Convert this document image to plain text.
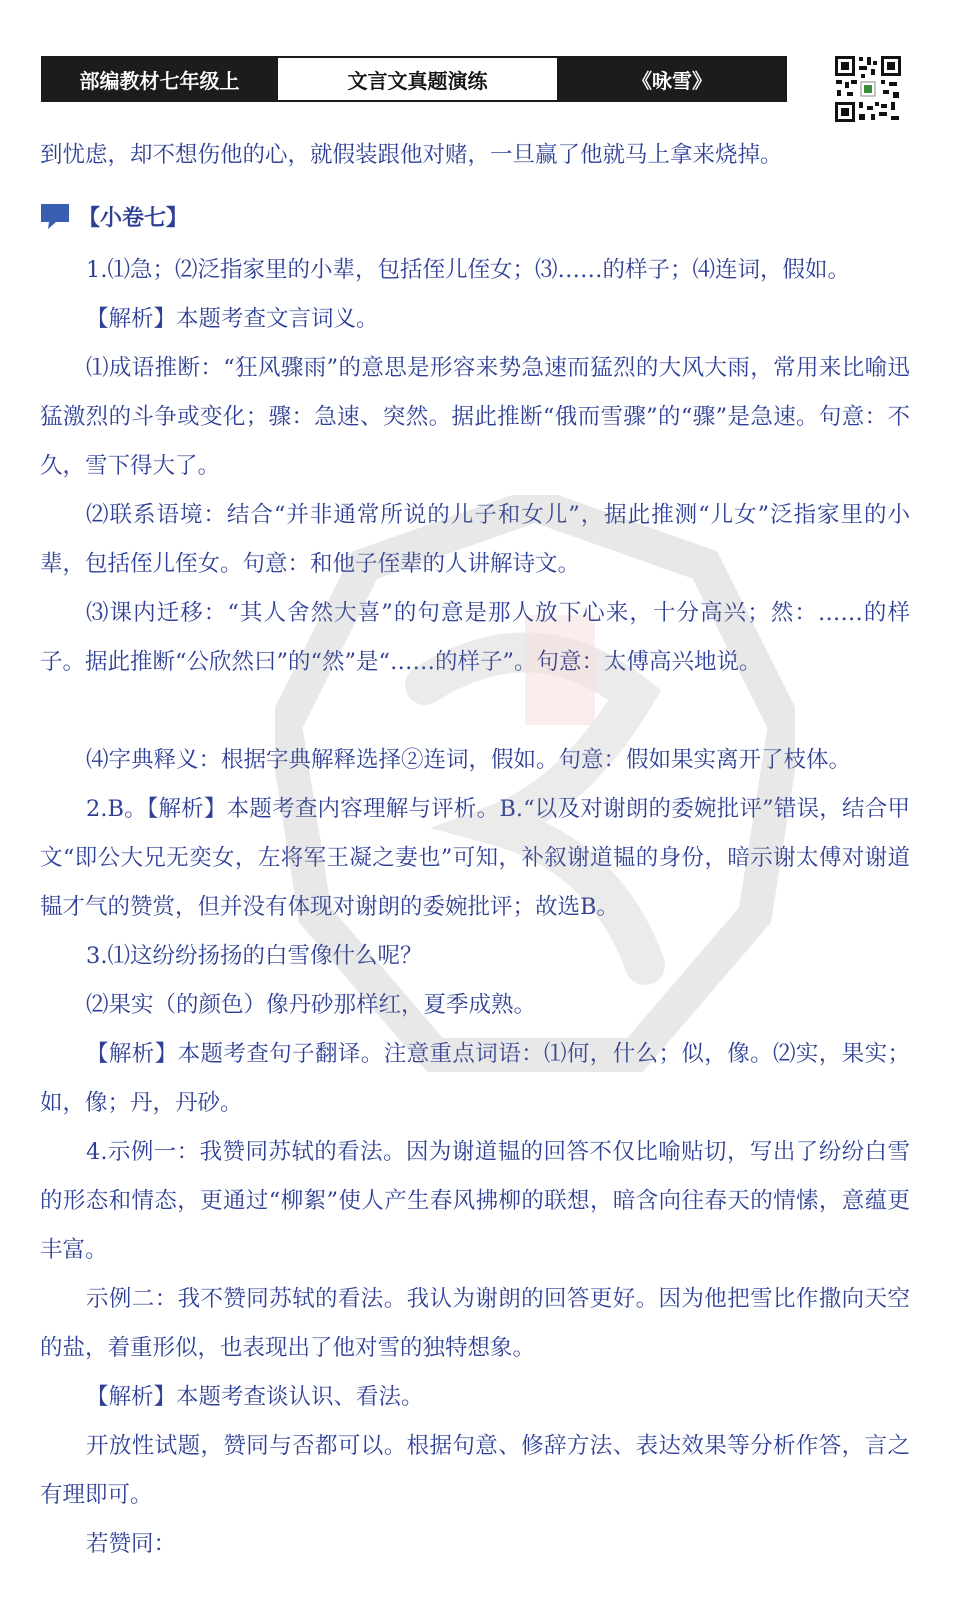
部编教材七年级上	文言文真题演练	《咏雪》

到忧虑，却不想伤他的心，就假装跟他对赌，一旦赢了他就马上拿来烧掉。

【小卷七】

1.⑴急；⑵泛指家里的小辈，包括侄儿侄女；⑶……的样子；⑷连词，假如。

【解析】本题考查文言词义。

⑴成语推断：“狂风骤雨”的意思是形容来势急速而猛烈的大风大雨，常用来比喻迅猛激烈的斗争或变化；骤：急速、突然。据此推断“俄而雪骤”的“骤”是急速。句意：不久，雪下得大了。

⑵联系语境：结合“并非通常所说的儿子和女儿”，据此推测“儿女”泛指家里的小辈，包括侄儿侄女。句意：和他子侄辈的人讲解诗文。

⑶课内迁移：“其人舍然大喜”的句意是那人放下心来，十分高兴；然：……的样子。据此推断“公欣然曰”的“然”是“……的样子”。句意：太傅高兴地说。

⑷字典释义：根据字典解释选择②连词，假如。句意：假如果实离开了枝体。

2.B。【解析】本题考查内容理解与评析。B.“以及对谢朗的委婉批评”错误，结合甲文“即公大兄无奕女，左将军王凝之妻也”可知，补叙谢道韫的身份，暗示谢太傅对谢道韫才气的赞赏，但并没有体现对谢朗的委婉批评；故选B。

3.⑴这纷纷扬扬的白雪像什么呢？

⑵果实（的颜色）像丹砂那样红，夏季成熟。

【解析】本题考查句子翻译。注意重点词语：⑴何，什么；似，像。⑵实，果实；如，像；丹，丹砂。

4.示例一：我赞同苏轼的看法。因为谢道韫的回答不仅比喻贴切，写出了纷纷白雪的形态和情态，更通过“柳絮”使人产生春风拂柳的联想，暗含向往春天的情愫，意蕴更丰富。

示例二：我不赞同苏轼的看法。我认为谢朗的回答更好。因为他把雪比作撒向天空的盐，着重形似，也表现出了他对雪的独特想象。

【解析】本题考查谈认识、看法。

开放性试题，赞同与否都可以。根据句意、修辞方法、表达效果等分析作答，言之有理即可。

若赞同：
